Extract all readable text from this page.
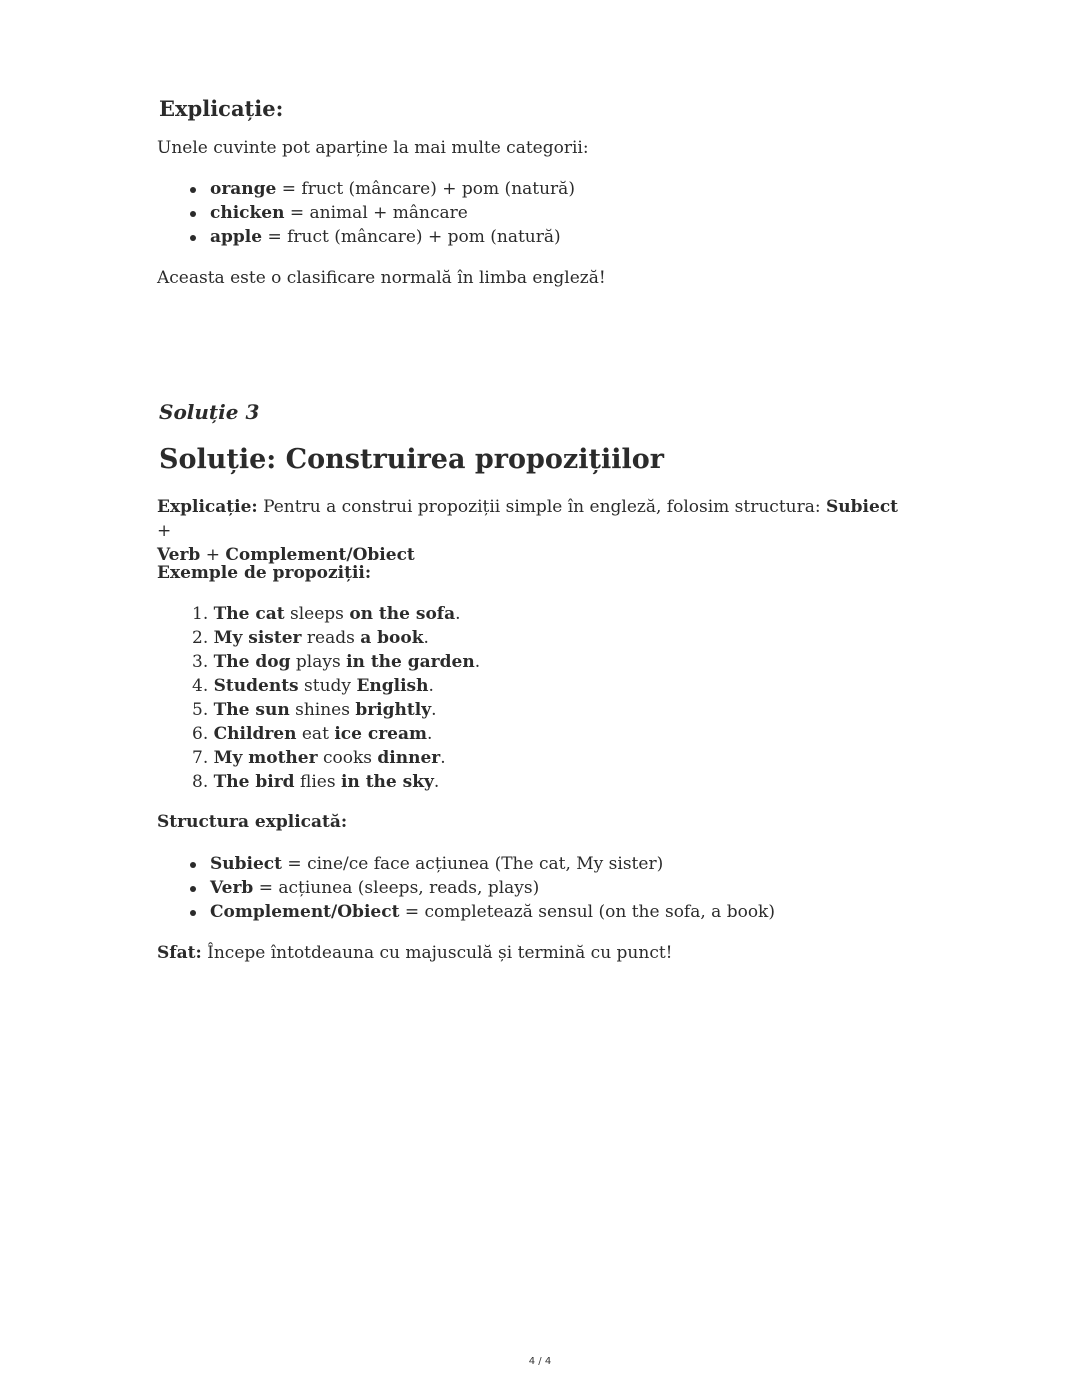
Explicație:

Unele cuvinte pot aparține la mai multe categorii:

orange = fruct (mâncare) + pom (natură)
chicken = animal + mâncare
apple = fruct (mâncare) + pom (natură)

Aceasta este o clasificare normală în limba engleză!

Soluție 3
Soluție: Construirea propozițiilor

Explicație: Pentru a construi propoziții simple în engleză, folosim structura: Subiect +
Verb + Complement/Obiect

Exemple de propoziții:

1. The cat sleeps on the sofa.
2. My sister reads a book.
3. The dog plays in the garden.
4. Students study English.
5. The sun shines brightly.
6. Children eat ice cream.
7. My mother cooks dinner.
8. The bird flies in the sky.

Structura explicată:

Subiect = cine/ce face acțiunea (The cat, My sister)
Verb = acțiunea (sleeps, reads, plays)
Complement/Obiect = completează sensul (on the sofa, a book)

Sfat: Începe întotdeauna cu majusculă și termină cu punct!

4 / 4
